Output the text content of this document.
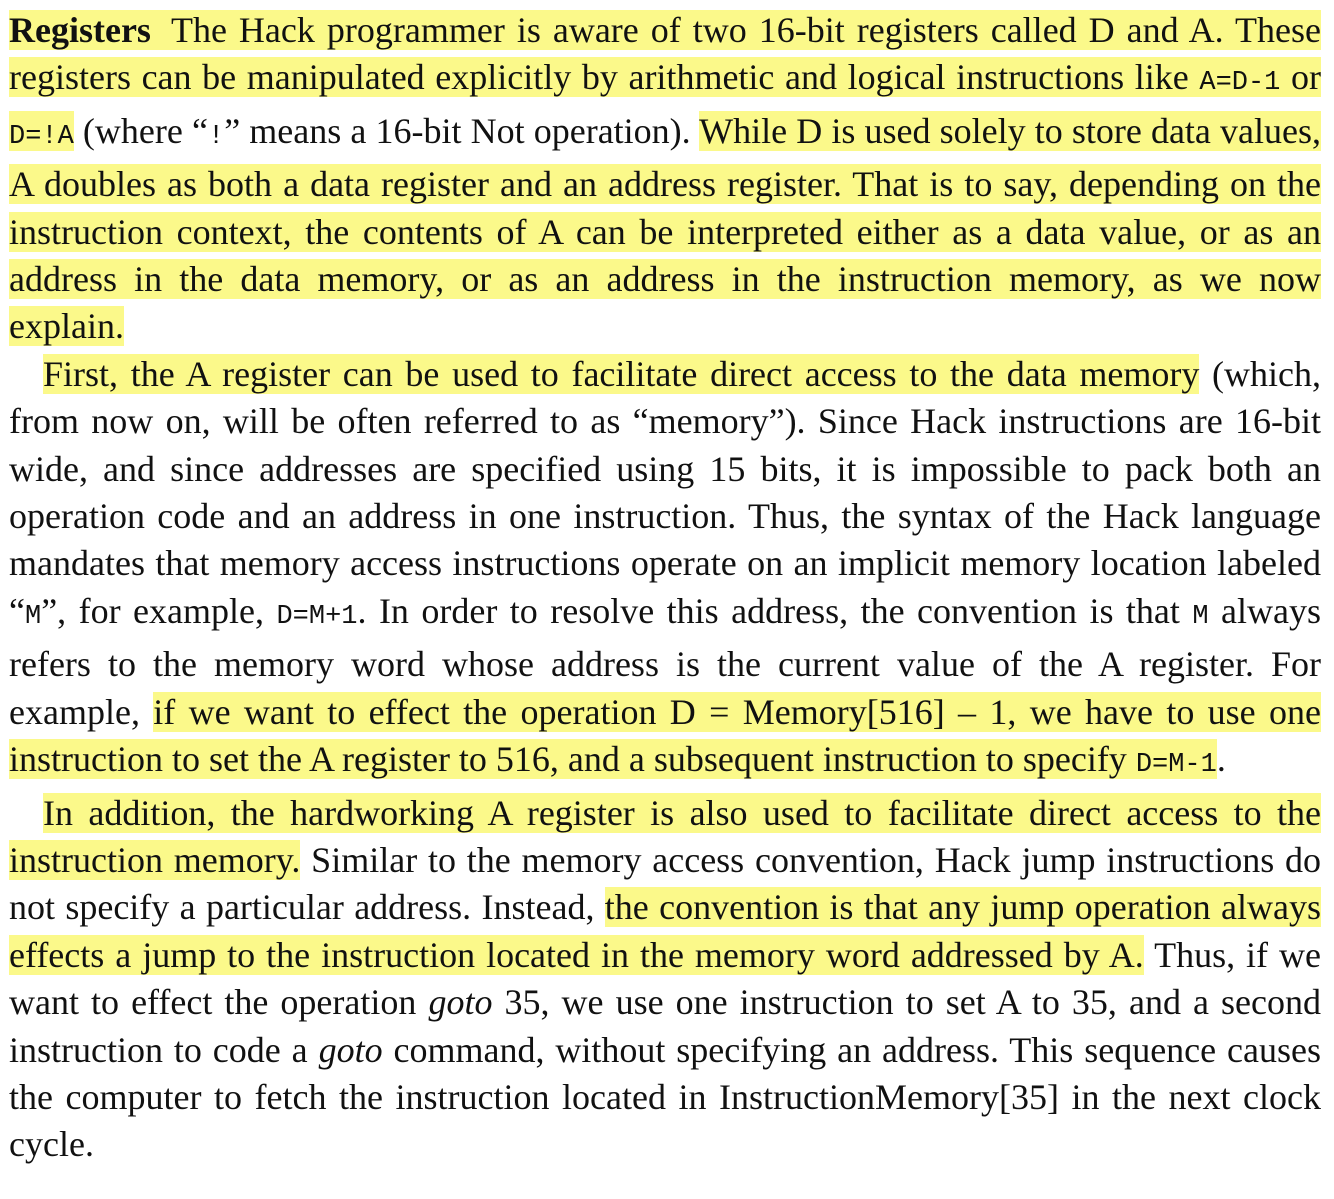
Registers The Hack programmer is aware of two 16-bit registers called D and A. These registers can be manipulated explicitly by arithmetic and logical instructions like A=D-1 or D=!A (where “!” means a 16-bit Not operation). While D is used solely to store data values, A doubles as both a data register and an address register. That is to say, depending on the instruction context, the contents of A can be interpreted either as a data value, or as an address in the data memory, or as an address in the instruction memory, as we now explain.

First, the A register can be used to facilitate direct access to the data memory (which, from now on, will be often referred to as “memory”). Since Hack instructions are 16-bit wide, and since addresses are specified using 15 bits, it is impossible to pack both an operation code and an address in one instruction. Thus, the syntax of the Hack language mandates that memory access instructions operate on an implicit memory location labeled “M”, for example, D=M+1. In order to resolve this address, the convention is that M always refers to the memory word whose address is the current value of the A register. For example, if we want to effect the operation D = Memory[516] – 1, we have to use one instruction to set the A register to 516, and a subsequent instruction to specify D=M-1.

In addition, the hardworking A register is also used to facilitate direct access to the instruction memory. Similar to the memory access convention, Hack jump instructions do not specify a particular address. Instead, the convention is that any jump operation always effects a jump to the instruction located in the memory word addressed by A. Thus, if we want to effect the operation goto 35, we use one instruction to set A to 35, and a second instruction to code a goto command, without specifying an address. This sequence causes the computer to fetch the instruction located in InstructionMemory[35] in the next clock cycle.
